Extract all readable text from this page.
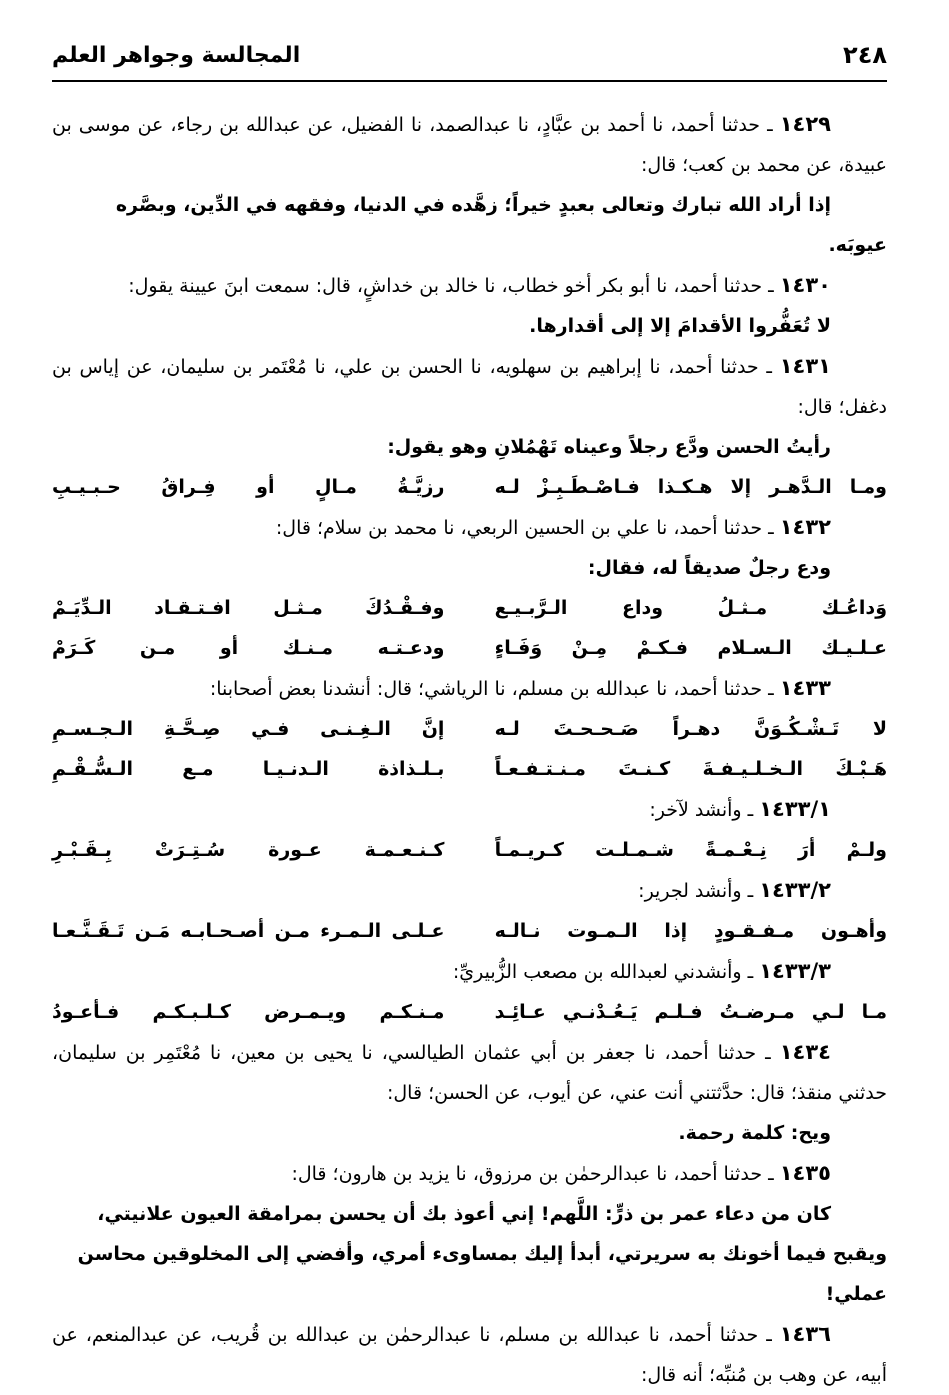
٢٤٨
المجالسة وجواهر العلم

١٤٢٩ ـ حدثنا أحمد، نا أحمد بن عبَّادٍ، نا عبدالصمد، نا الفضيل، عن عبدالله بن رجاء، عن موسى بن عبيدة، عن محمد بن كعب؛ قال:

إذا أراد الله تبارك وتعالى بعبدٍ خيراً؛ زهَّده في الدنيا، وفقهه في الدِّين، وبصَّره عيوبَه.

١٤٣٠ ـ حدثنا أحمد، نا أبو بكر أخو خطاب، نا خالد بن خداشٍ، قال: سمعت ابنَ عيينة يقول:

لا تُعَفُّروا الأقدامَ إلا إلى أقدارها.

١٤٣١ ـ حدثنا أحمد، نا إبراهيم بن سهلويه، نا الحسن بن علي، نا مُعْتَمر بن سليمان، عن إياس بن دغفل؛ قال:

رأيتُ الحسن ودَّع رجلاً وعيناه تَهْمُلانِ وهو يقول:

ومـا الـدَّهـر إلا هـكـذا فـاصْـطَـبِـزْ لـه
رزيَّـةُ مـالٍ أو فِـراقُ حـبـيـبِ

١٤٣٢ ـ حدثنا أحمد، نا علي بن الحسين الربعي، نا محمد بن سلام؛ قال:

ودع رجلٌ صديقاً له، فقال:

وَداعُـك مـثـلُ وداع الـرَّبـيـع
وفـقْـدُكَ مـثـل افـتـقـاد الـدِّيَـمْ
عـلـيـك الـسـلام فـكـمْ مِـنْ وَفَـاءٍ
ودعـتـه مـنـك أو مـن كَـرَمْ

١٤٣٣ ـ حدثنا أحمد، نا عبدالله بن مسلم، نا الرياشي؛ قال: أنشدنا بعض أصحابنا:

لا تَـشْـكُـوَنَّ دهـراً صَـحـحـتَ لـه
إنَّ الـغِـنـى فـي صِـحَّـةِ الـجـسـمِ
هَـبْـكَ الـخـلـيـفـةَ كـنـتَ مـنـتـفـعـاً
بـلـذاذة الـدنـيـا مـع الـسُّـقْـمِ

١٤٣٣/١ ـ وأنشد لآخر:

ولـمْ أرَ نِـعْـمـةً شـمـلـت كـريـمـاً
كـنـعـمـة عـورة سُـتِـرَتْ بِـقَـبْـرِ

١٤٣٣/٢ ـ وأنشد لجرير:

وأهـون مـفـقـودٍ إذا الـمـوت نـالـه
عـلـى الـمـرء مـن أصـحـابـه مَـن تَـقَـنَّـعـا

١٤٣٣/٣ ـ وأنشدني لعبدالله بن مصعب الزُّبيريِّ:

مـا لـي مـرضـتُ فـلـم يَـعُـدْنـي عـائِـد
مـنـكـم ويـمـرض كـلـبـكـم فـأعـودُ

١٤٣٤ ـ حدثنا أحمد، نا جعفر بن أبي عثمان الطيالسي، نا يحيى بن معين، نا مُعْتَمِر بن سليمان، حدثني منقذ؛ قال: حدَّثتني أنت عني، عن أيوب، عن الحسن؛ قال:

ويح: كلمة رحمة.

١٤٣٥ ـ حدثنا أحمد، نا عبدالرحمٰن بن مرزوق، نا يزيد بن هارون؛ قال:

كان من دعاء عمر بن ذرٍّ: اللَّهم! إني أعوذ بك أن يحسن بمرامقة العيون علانيتي، ويقبح فيما أخونك به سريرتي، أبدأ إليك بمساوىء أمري، وأفضي إلى المخلوقين محاسن عملي!

١٤٣٦ ـ حدثنا أحمد، نا عبدالله بن مسلم، نا عبدالرحمٰن بن عبدالله بن قُريب، عن عبدالمنعم، عن أبيه، عن وهب بن مُنبِّه؛ أنه قال:
